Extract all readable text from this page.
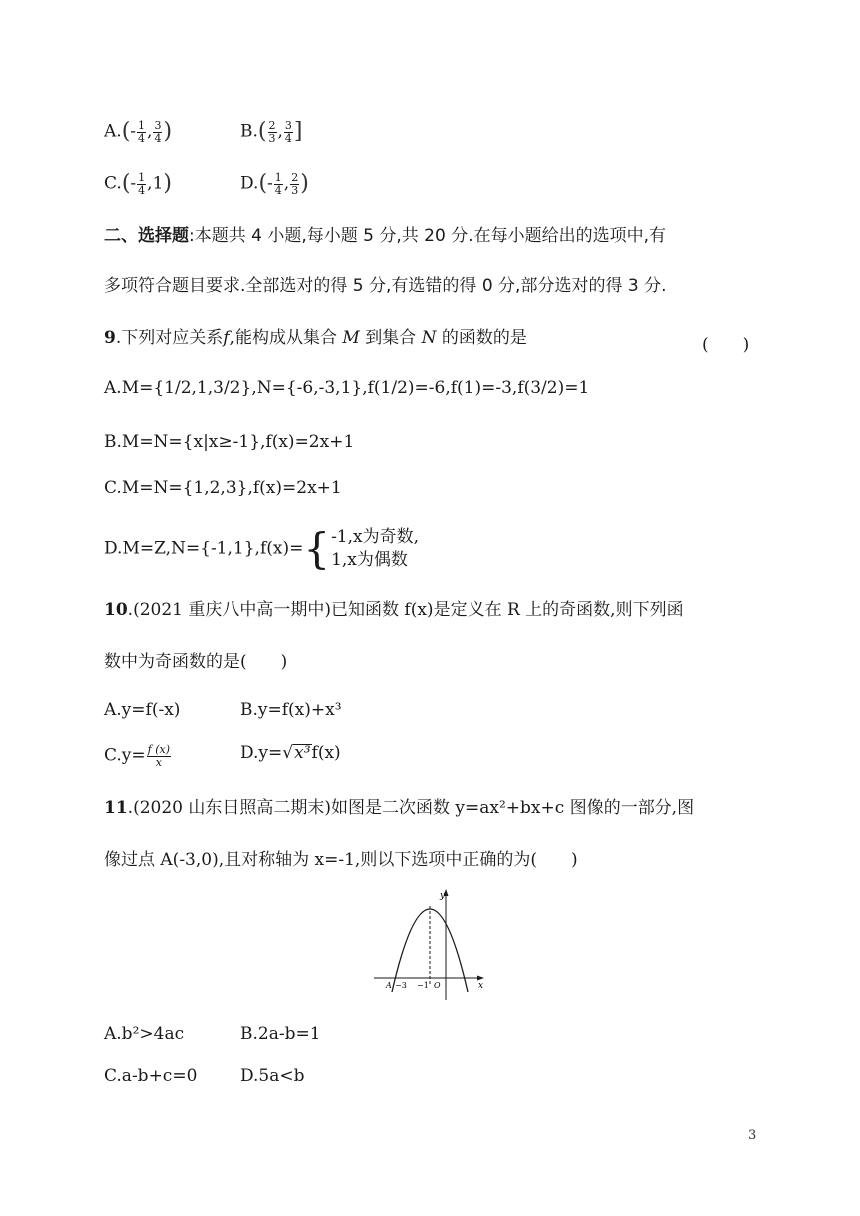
$A.(- \frac{1}{4}$ , $\frac{3}{4}$ )	$B.( \frac{2}{3}$ , $\frac{3}{4}$ ]
$C.(- \frac{1}{4} ,1)$	$D.(- \frac{1}{4}$ , $\frac{2}{3}$ )
二、选择题:本题共 4 小题,每小题 5 分,共 20 分.在每小题给出的选项中,有
多项符合题目要求.全部选对的得 5 分,有选错的得 0 分,部分选对的得 3 分.
9.下列对应关系f,能构成从集合 M 到集合 N 的函数的是	(　　)
A.M={1/2,1,3/2},N={-6,-3,1},f(1/2)=-6,f(1)=-3,f(3/2)=1
B.M=N={x|x≥-1},f(x)=2x+1
C.M=N={1,2,3},f(x)=2x+1
D.M=Z,N={-1,1},f(x)= { -1,x为奇数,
1,x为偶数
10.(2021 重庆八中高一期中)已知函数 f(x)是定义在 R 上的奇函数,则下列函
数中为奇函数的是(　　)
A.y=f(-x)	B.y=f(x)+x³
$C.y= \frac{f (x)}{x}$	D.y=√x³f(x)
11.(2020 山东日照高二期末)如图是二次函数 y=ax²+bx+c 图像的一部分,图
像过点 A(-3,0),且对称轴为 x=-1,则以下选项中正确的为(　　)
y
x
A −3 −1 O
A.b²>4ac	B.2a-b=1
C.a-b+c=0	D.5a<b
3
